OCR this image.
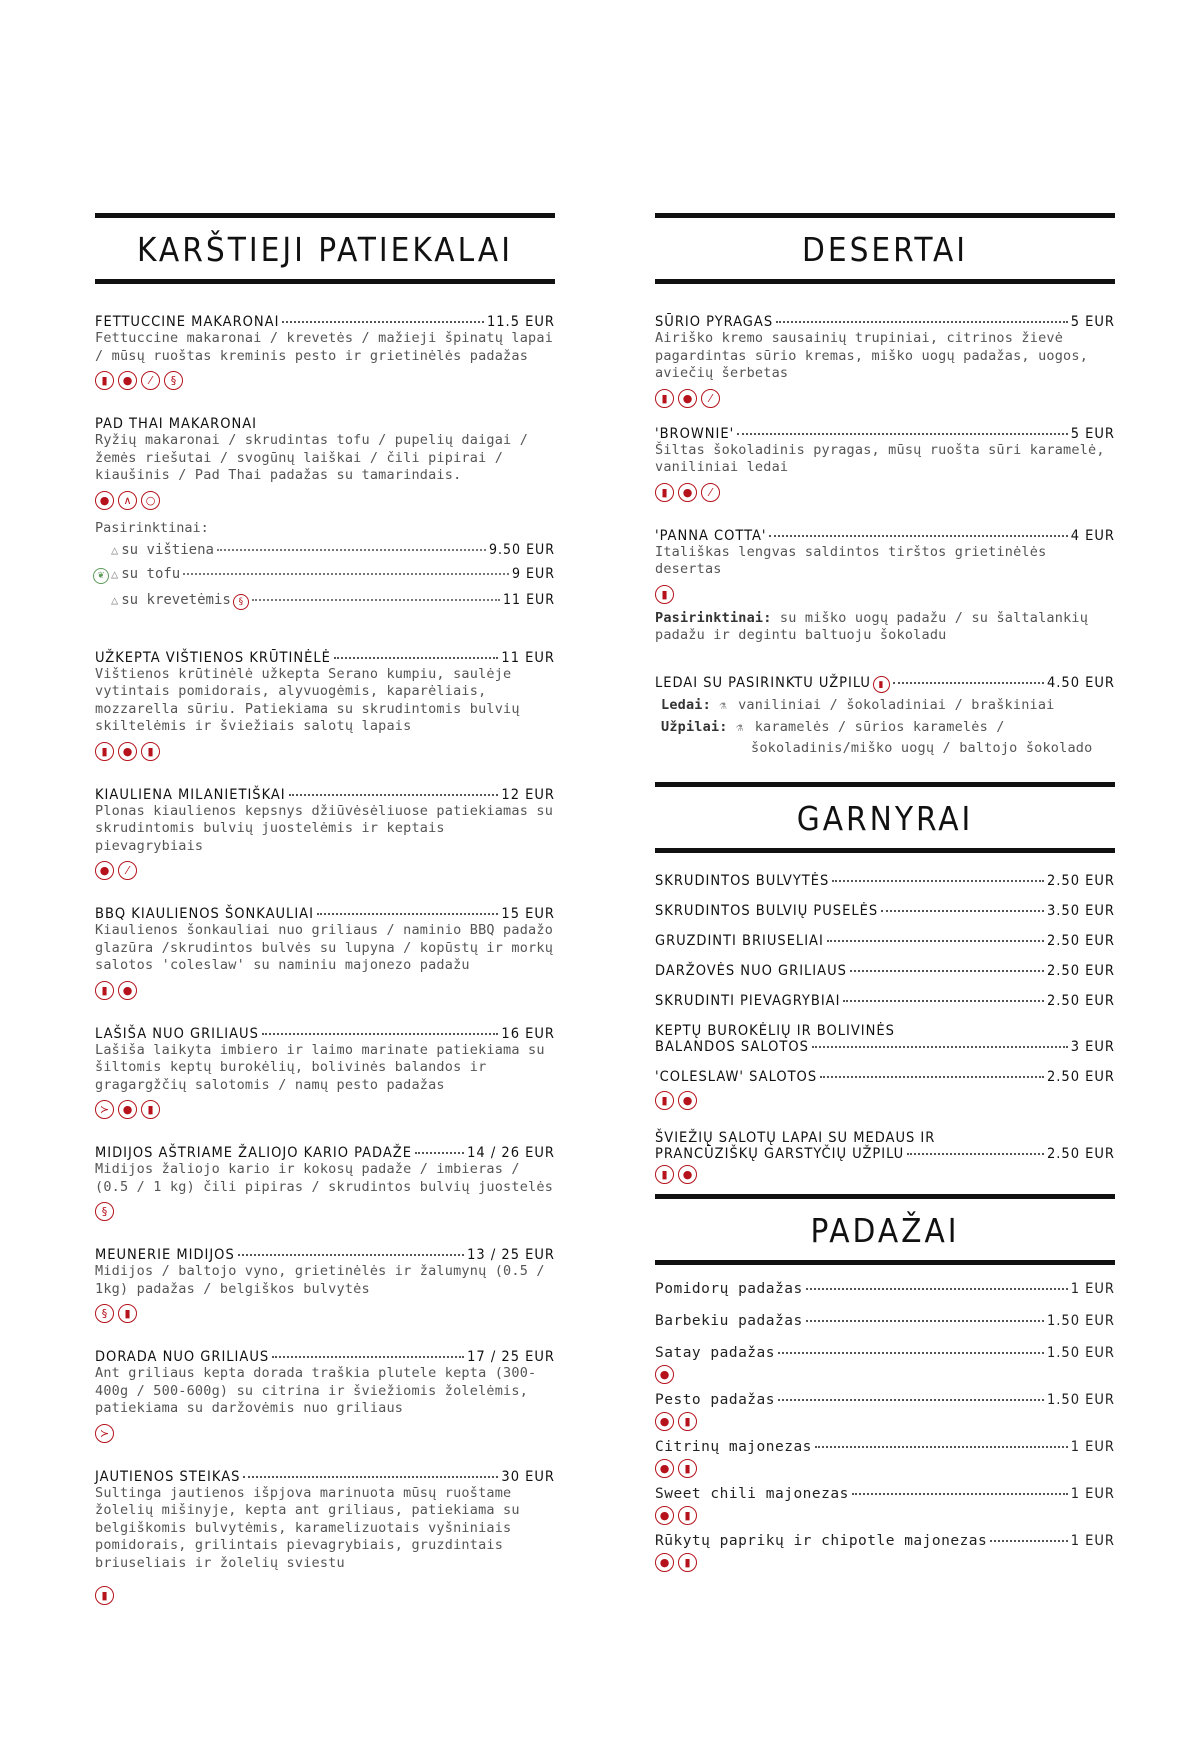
KARŠTIEJI PATIEKALAI
FETTUCCINE MAKARONAI	11.5 EUR
Fettuccine makaronai / krevetės / mažieji špinatų lapai / mūsų ruoštas kreminis pesto ir grietinėlės padažas
▮	●	⁄	§
PAD THAI MAKARONAI
Ryžių makaronai / skrudintas tofu / pupelių daigai / žemės riešutai / svogūnų laiškai / čili pipirai / kiaušinis / Pad Thai padažas su tamarindais.
●	∧	○
Pasirinktinai:
△ su vištiena	9.50 EUR
❦ △ su tofu	9 EUR
△ su krevetėmis §	11 EUR
UŽKEPTA VIŠTIENOS KRŪTINĖLĖ	11 EUR
Vištienos krūtinėlė užkepta Serano kumpiu, saulėje vytintais pomidorais, alyvuogėmis, kaparėliais, mozzarella sūriu. Patiekiama su skrudintomis bulvių skiltelėmis ir šviežiais salotų lapais
▮	●	▮
KIAULIENA MILANIETIŠKAI	12 EUR
Plonas kiaulienos kepsnys džiūvėsėliuose patiekiamas su skrudintomis bulvių juostelėmis ir keptais pievagrybiais
●	⁄
BBQ KIAULIENOS ŠONKAULIAI	15 EUR
Kiaulienos šonkauliai nuo griliaus / naminio BBQ padažo glazūra /skrudintos bulvės su lupyna / kopūstų ir morkų salotos 'coleslaw' su naminiu majonezo padažu
▮	●
LAŠIŠA NUO GRILIAUS	16 EUR
Lašiša laikyta imbiero ir laimo marinate patiekiama su šiltomis keptų burokėlių, bolivinės balandos ir gragargžčių salotomis / namų pesto padažas
≻	●	▮
MIDIJOS AŠTRIAME ŽALIOJO KARIO PADAŽE	14 / 26 EUR
Midijos žaliojo kario ir kokosų padaže / imbieras / (0.5 / 1 kg) čili pipiras / skrudintos bulvių juostelės
§
MEUNERIE MIDIJOS	13 / 25 EUR
Midijos / baltojo vyno, grietinėlės ir žalumynų (0.5 / 1kg) padažas / belgiškos bulvytės
§	▮
DORADA NUO GRILIAUS	17 / 25 EUR
Ant griliaus kepta dorada traškia plutele kepta (300-400g / 500-600g) su citrina ir šviežiomis žolelėmis, patiekiama su daržovėmis nuo griliaus
≻
JAUTIENOS STEIKAS	30 EUR
Sultinga jautienos išpjova marinuota mūsų ruoštame žolelių mišinyje, kepta ant griliaus, patiekiama su belgiškomis bulvytėmis, karamelizuotais vyšniniais pomidorais, grilintais pievagrybiais, gruzdintais briuseliais ir žolelių sviestu
▮
DESERTAI
SŪRIO PYRAGAS	5 EUR
Airiško kremo sausainių trupiniai, citrinos žievė pagardintas sūrio kremas, miško uogų padažas, uogos, aviečių šerbetas
▮	●	⁄
'BROWNIE'	5 EUR
Šiltas šokoladinis pyragas, mūsų ruošta sūri karamelė, vaniliniai ledai
▮	●	⁄
'PANNA COTTA'	4 EUR
Itališkas lengvas saldintos tirštos grietinėlės desertas
▮
Pasirinktinai: su miško uogų padažu / su šaltalankių padažu ir degintu baltuoju šokoladu
LEDAI SU PASIRINKTU UŽPILU ▮	4.50 EUR
Ledai: ⚗ vaniliniai / šokoladiniai / braškiniai
Užpilai: ⚗ karamelės / sūrios karamelės /
šokoladinis/miško uogų / baltojo šokolado
GARNYRAI
SKRUDINTOS BULVYTĖS	2.50 EUR
SKRUDINTOS BULVIŲ PUSELĖS	3.50 EUR
GRUZDINTI BRIUSELIAI	2.50 EUR
DARŽOVĖS NUO GRILIAUS	2.50 EUR
SKRUDINTI PIEVAGRYBIAI	2.50 EUR
KEPTŲ BUROKĖLIŲ IR BOLIVINĖS
BALANDOS SALOTOS	3 EUR
'COLESLAW' SALOTOS	2.50 EUR
▮	●
ŠVIEŽIŲ SALOTŲ LAPAI SU MEDAUS IR
PRANCŪZIŠKŲ GARSTYČIŲ UŽPILU	2.50 EUR
▮	●
PADAŽAI
Pomidorų padažas	1 EUR
Barbekiu padažas	1.50 EUR
Satay padažas	1.50 EUR
●
Pesto padažas	1.50 EUR
●	▮
Citrinų majonezas	1 EUR
●	▮
Sweet chili majonezas	1 EUR
●	▮
Rūkytų paprikų ir chipotle majonezas	1 EUR
●	▮
